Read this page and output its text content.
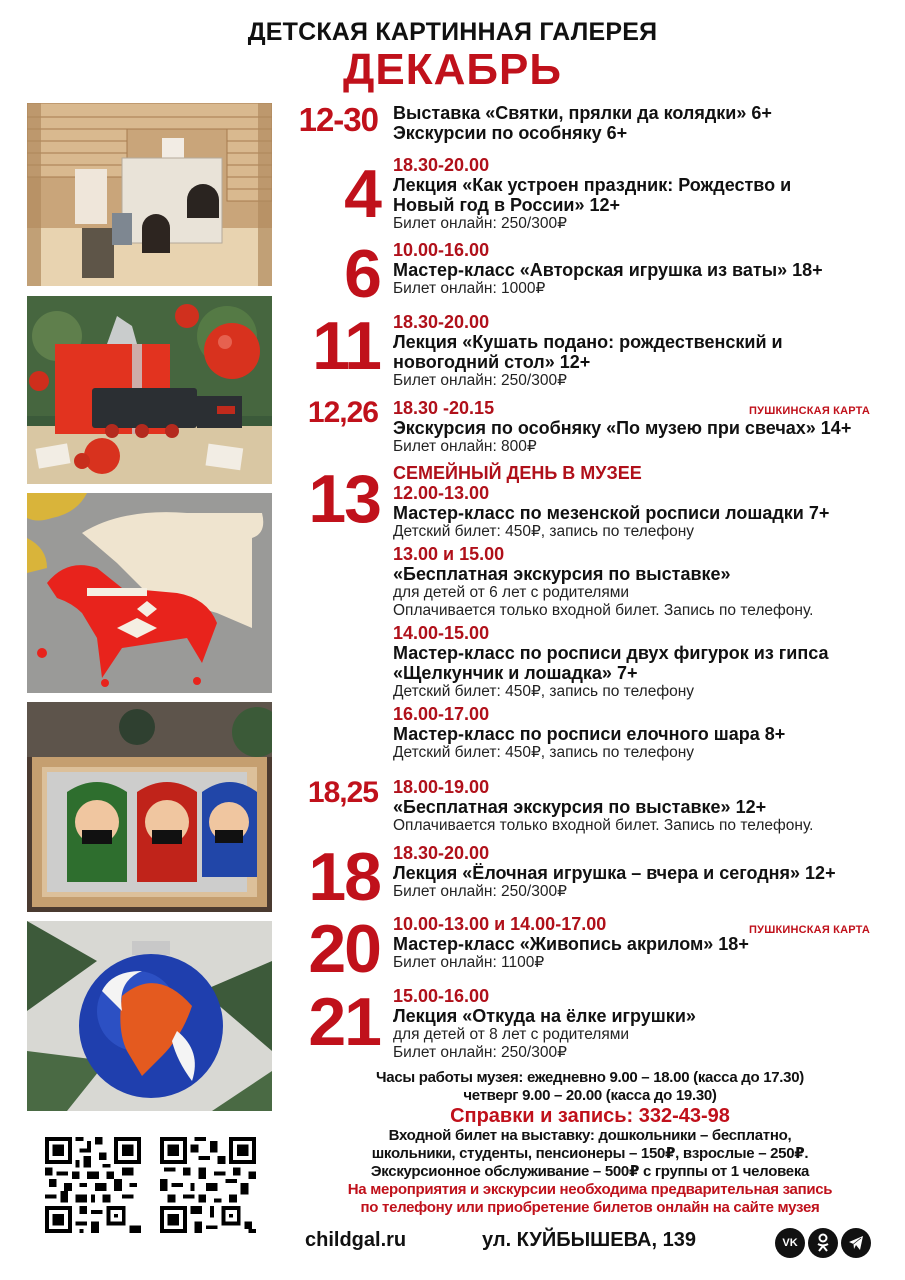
ДЕТСКАЯ КАРТИННАЯ ГАЛЕРЕЯ
ДЕКАБРЬ
12-30 Выставка «Святки, прялки да колядки» 6+
Экскурсии по особняку 6+
4 18.30-20.00
Лекция «Как устроен праздник: Рождество и
Новый год в России» 12+
Билет онлайн: 250/300₽
6 10.00-16.00
Мастер-класс «Авторская игрушка из ваты» 18+
Билет онлайн: 1000₽
11 18.30-20.00
Лекция «Кушать подано: рождественский и
новогодний стол» 12+
Билет онлайн: 250/300₽
12,26	ПУШКИНСКАЯ КАРТА
18.30 -20.15
Экскурсия по особняку «По музею при свечах» 14+
Билет онлайн: 800₽
13 СЕМЕЙНЫЙ ДЕНЬ В МУЗЕЕ
12.00-13.00
Мастер-класс по мезенской росписи лошадки 7+
Детский билет: 450₽, запись по телефону
13.00 и 15.00
«Бесплатная экскурсия по выставке»
для детей от 6 лет с родителями
Оплачивается только входной билет. Запись по телефону.
14.00-15.00
Мастер-класс по росписи двух фигурок из гипса
«Щелкунчик и лошадка» 7+
Детский билет: 450₽, запись по телефону
16.00-17.00
Мастер-класс по росписи елочного шара 8+
Детский билет: 450₽, запись по телефону
18,25 18.00-19.00
«Бесплатная экскурсия по выставке» 12+
Оплачивается только входной билет. Запись по телефону.
18 18.30-20.00
Лекция «Ёлочная игрушка – вчера и сегодня» 12+
Билет онлайн: 250/300₽
20	ПУШКИНСКАЯ КАРТА
10.00-13.00 и 14.00-17.00
Мастер-класс «Живопись акрилом» 18+
Билет онлайн: 1100₽
21 15.00-16.00
Лекция «Откуда на ёлке игрушки»
для детей от 8 лет с родителями
Билет онлайн: 250/300₽
Часы работы музея: ежедневно 9.00 – 18.00 (касса до 17.30)
четверг 9.00 – 20.00 (касса до 19.30)
Справки и запись: 332-43-98
Входной билет на выставку: дошкольники – бесплатно,
школьники, студенты, пенсионеры – 150₽, взрослые – 250₽.
Экскурсионное обслуживание – 500₽ с группы от 1 человека
На мероприятия и экскурсии необходима предварительная запись
по телефону или приобретение билетов онлайн на сайте музея
childgal.ru	ул. КУЙБЫШЕВА, 139	VK
